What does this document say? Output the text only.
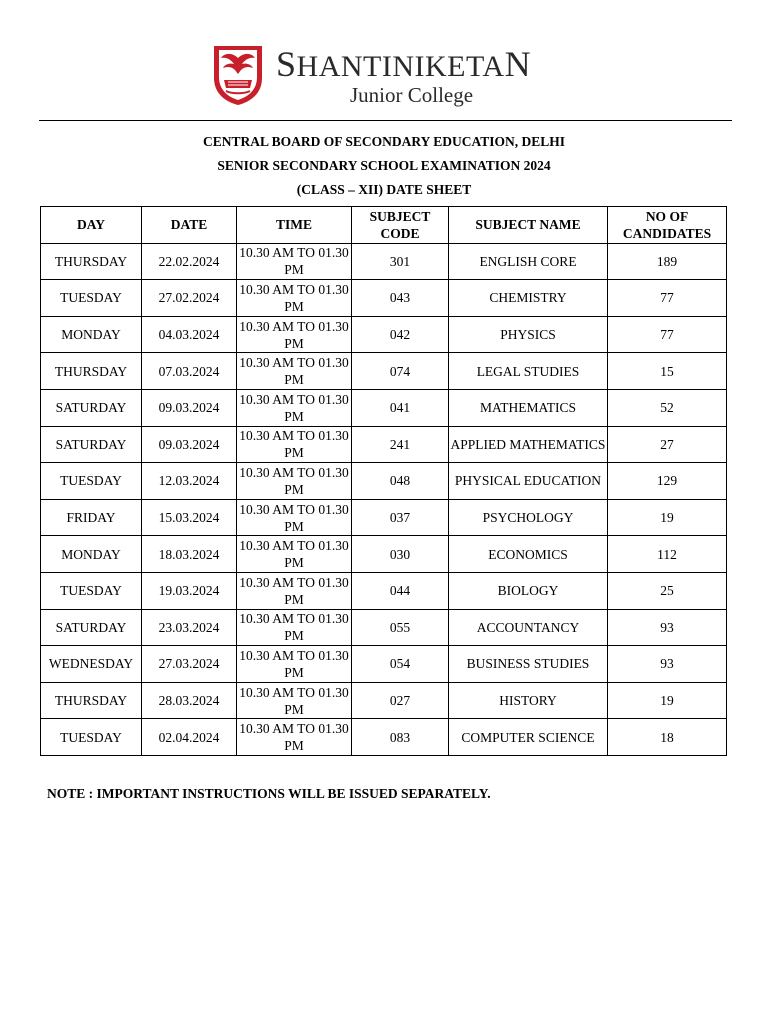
SHANTINIKETAN
Junior College
CENTRAL BOARD OF SECONDARY EDUCATION, DELHI
SENIOR SECONDARY SCHOOL EXAMINATION 2024
(CLASS – XII) DATE SHEET
DAY	DATE	TIME	SUBJECT CODE	SUBJECT NAME	NO OF CANDIDATES
THURSDAY	22.02.2024	10.30 AM TO 01.30 PM	301	ENGLISH CORE	189
TUESDAY	27.02.2024	10.30 AM TO 01.30 PM	043	CHEMISTRY	77
MONDAY	04.03.2024	10.30 AM TO 01.30 PM	042	PHYSICS	77
THURSDAY	07.03.2024	10.30 AM TO 01.30 PM	074	LEGAL STUDIES	15
SATURDAY	09.03.2024	10.30 AM TO 01.30 PM	041	MATHEMATICS	52
SATURDAY	09.03.2024	10.30 AM TO 01.30 PM	241	APPLIED MATHEMATICS	27
TUESDAY	12.03.2024	10.30 AM TO 01.30 PM	048	PHYSICAL EDUCATION	129
FRIDAY	15.03.2024	10.30 AM TO 01.30 PM	037	PSYCHOLOGY	19
MONDAY	18.03.2024	10.30 AM TO 01.30 PM	030	ECONOMICS	112
TUESDAY	19.03.2024	10.30 AM TO 01.30 PM	044	BIOLOGY	25
SATURDAY	23.03.2024	10.30 AM TO 01.30 PM	055	ACCOUNTANCY	93
WEDNESDAY	27.03.2024	10.30 AM TO 01.30 PM	054	BUSINESS STUDIES	93
THURSDAY	28.03.2024	10.30 AM TO 01.30 PM	027	HISTORY	19
TUESDAY	02.04.2024	10.30 AM TO 01.30 PM	083	COMPUTER SCIENCE	18
NOTE : IMPORTANT INSTRUCTIONS WILL BE ISSUED SEPARATELY.
